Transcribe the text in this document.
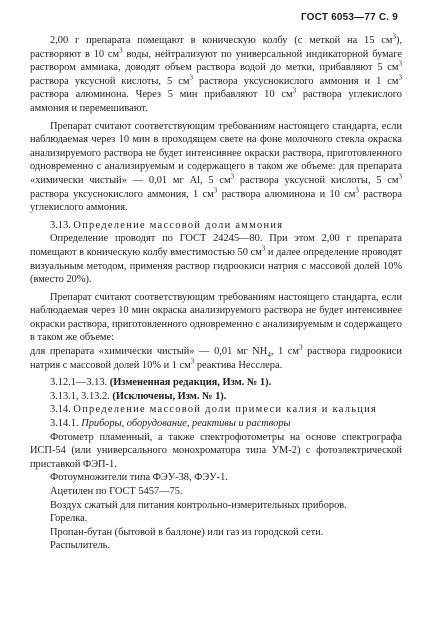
ГОСТ 6053—77 С. 9

2,00 г препарата помещают в коническую колбу (с меткой на 15 $см^3$), растворяют в 10 $см^3$ воды, нейтрализуют по универсальной индикаторной бумаге раствором аммиака, доводят объем раствора водой до метки, прибавляют 5 $см^3$ раствора уксусной кислоты, 5 $см^3$ раствора уксуснокислого аммония и 1 $см^3$ раствора алюминона. Через 5 мин прибавляют 10 $см^3$ раствора углекислого аммония и перемешивают.

Препарат считают соответствующим требованиям настоящего стандарта, если наблюдаемая через 10 мин в проходящем свете на фоне молочного стекла окраска анализируемого раствора не будет интенсивнее окраски раствора, приготовленного одновременно с анализируемым и содержащего в таком же объеме: для препарата «химически чистый» — 0,01 мг Al, 5 $см^3$ раствора уксусной кислоты, 5 $см^3$ раствора уксуснокислого аммония, 1 $см^3$ раствора алюминона и 10 $см^3$ раствора углекислого аммония.

3.13. Определение массовой доли аммония

Определение проводят по ГОСТ 24245—80. При этом 2,00 г препарата помещают в коническую колбу вместимостью 50 $см^3$ и далее определение проводят визуальным методом, применяя раствор гидроокиси натрия с массовой долей 10% (вместо 20%).

Препарат считают соответствующим требованиям настоящего стандарта, если наблюдаемая через 10 мин окраска анализируемого раствора не будет интенсивнее окраски раствора, приготовленного одновременно с анализируемым и содержащего в таком же объеме:

для препарата «химически чистый» — 0,01 мг $NH_4$, 1 $см^3$ раствора гидроокиси натрия с массовой долей 10% и 1 $см^3$ реактива Несслера.

3.12.1—3.13. (Измененная редакция, Изм. № 1).

3.13.1, 3.13.2. (Исключены, Изм. № 1).

3.14. Определение массовой доли примеси калия и кальция

3.14.1. Приборы, оборудование, реактивы и растворы

Фотометр пламенный, а также спектрофотометры на основе спектрографа ИСП-54 (или универсального монохроматора типа УМ-2) с фотоэлектрической приставкой ФЭП-1.

Фотоумножители типа ФЭУ-38, ФЭУ-1.

Ацетилен по ГОСТ 5457—75.

Воздух сжатый для питания контрольно-измерительных приборов.

Горелка.

Пропан-бутан (бытовой в баллоне) или газ из городской сети.

Распылитель.
